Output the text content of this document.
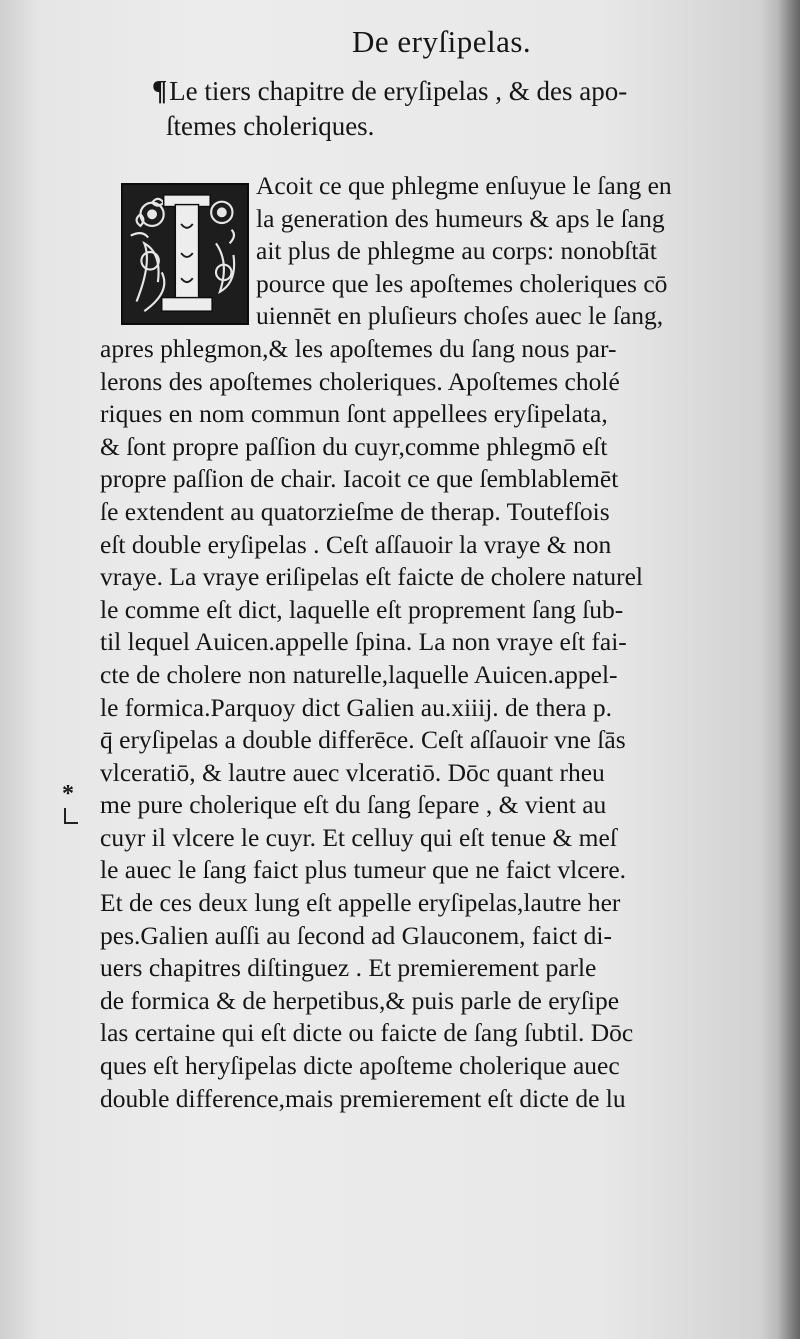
De eryſipelas.
¶Le tiers chapitre de eryſipelas , & des apo-
ſtemes choleriques.
Acoit ce que phlegme enſuyue le ſang en
la generation des humeurs & aps le ſang
ait plus de phlegme au corps: nonobſtāt
pource que les apoſtemes choleriques cō
uiennēt en pluſieurs choſes auec le ſang,
apres phlegmon,& les apoſtemes du ſang nous par-
lerons des apoſtemes choleriques. Apoſtemes cholé
riques en nom commun ſont appellees eryſipelata,
& ſont propre paſſion du cuyr,comme phlegmō eſt
propre paſſion de chair. Iacoit ce que ſemblablemēt
ſe extendent au quatorzieſme de therap. Toutefſois
eſt double eryſipelas . Ceſt aſſauoir la vraye & non
vraye. La vraye eriſipelas eſt faicte de cholere naturel
le comme eſt dict, laquelle eſt proprement ſang ſub-
til lequel Auicen.appelle ſpina. La non vraye eſt fai-
cte de cholere non naturelle,laquelle Auicen.appel-
le formica.Parquoy dict Galien au.xiiij. de thera p.
q̄ eryſipelas a double differēce. Ceſt aſſauoir vne ſās
vlceratiō, & lautre auec vlceratiō. Dōc quant rheu
me pure cholerique eſt du ſang ſepare , & vient au
cuyr il vlcere le cuyr. Et celluy qui eſt tenue & meſ
le auec le ſang faict plus tumeur que ne faict vlcere.
Et de ces deux lung eſt appelle eryſipelas,lautre her
pes.Galien auſſi au ſecond ad Glauconem, faict di-
uers chapitres diſtinguez . Et premierement parle
de formica & de herpetibus,& puis parle de eryſipe
las certaine qui eſt dicte ou faicte de ſang ſubtil. Dōc
ques eſt heryſipelas dicte apoſteme cholerique auec
double difference,mais premierement eſt dicte de lu
*
